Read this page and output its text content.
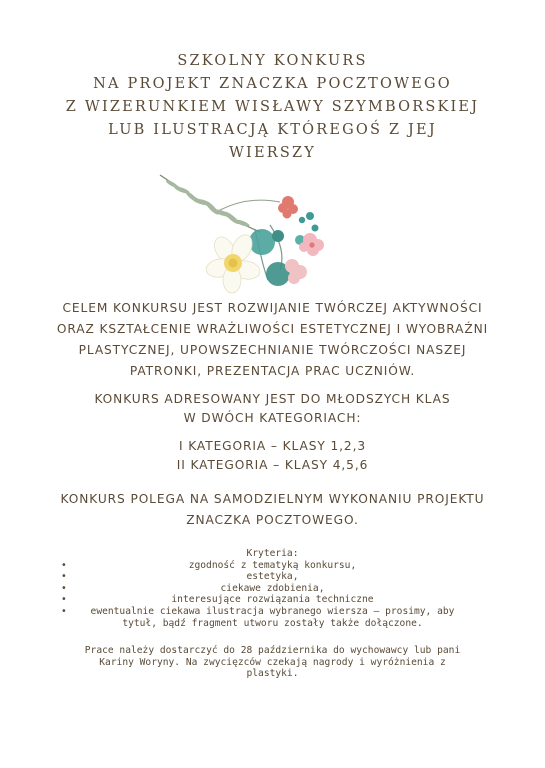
SZKOLNY KONKURS
NA PROJEKT ZNACZKA POCZTOWEGO
Z WIZERUNKIEM WISŁAWY SZYMBORSKIEJ
LUB ILUSTRACJĄ KTÓREGOŚ Z JEJ
WIERSZY
CELEM KONKURSU JEST ROZWIJANIE TWÓRCZEJ AKTYWNOŚCI
ORAZ KSZTAŁCENIE WRAŻLIWOŚCI ESTETYCZNEJ I WYOBRAŹNI
PLASTYCZNEJ, UPOWSZECHNIANIE TWÓRCZOŚCI NASZEJ
PATRONKI, PREZENTACJA PRAC UCZNIÓW.
KONKURS ADRESOWANY JEST DO MŁODSZYCH KLAS
W DWÓCH KATEGORIACH:
I KATEGORIA – KLASY 1,2,3
II KATEGORIA – KLASY 4,5,6
KONKURS POLEGA NA SAMODZIELNYM WYKONANIU PROJEKTU
ZNACZKA POCZTOWEGO.
Kryteria:
•	zgodność z tematyką konkursu,
•	estetyka,
•	ciekawe zdobienia,
•	interesujące rozwiązania techniczne
• ewentualnie ciekawa ilustracja wybranego wiersza – prosimy, aby
tytuł, bądź fragment utworu zostały także dołączone.
Prace należy dostarczyć do 28 października do wychowawcy lub pani
Kariny Woryny. Na zwycięzców czekają nagrody i wyróżnienia z
plastyki.
